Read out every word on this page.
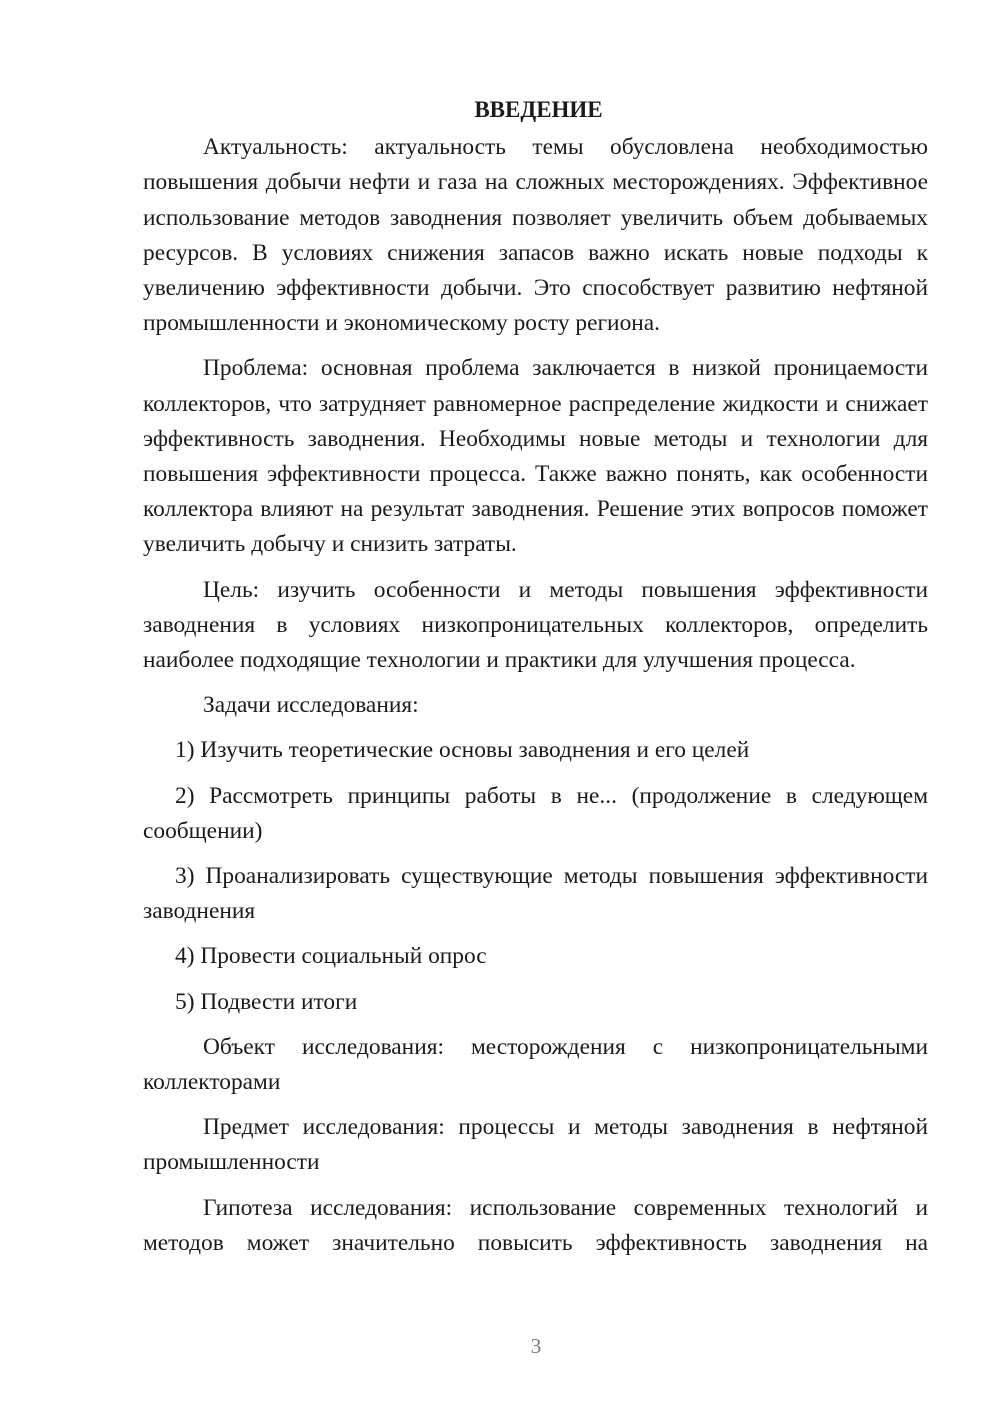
ВВЕДЕНИЕ

Актуальность: актуальность темы обусловлена необходимостью повышения добычи нефти и газа на сложных месторождениях. Эффективное использование методов заводнения позволяет увеличить объем добываемых ресурсов. В условиях снижения запасов важно искать новые подходы к увеличению эффективности добычи. Это способствует развитию нефтяной промышленности и экономическому росту региона.

Проблема: основная проблема заключается в низкой проницаемости коллекторов, что затрудняет равномерное распределение жидкости и снижает эффективность заводнения. Необходимы новые методы и технологии для повышения эффективности процесса. Также важно понять, как особенности коллектора влияют на результат заводнения. Решение этих вопросов поможет увеличить добычу и снизить затраты.

Цель: изучить особенности и методы повышения эффективности заводнения в условиях низкопроницательных коллекторов, определить наиболее подходящие технологии и практики для улучшения процесса.

Задачи исследования:

1) Изучить теоретические основы заводнения и его целей

2) Рассмотреть принципы работы в не... (продолжение в следующем сообщении)

3) Проанализировать существующие методы повышения эффективности заводнения

4) Провести социальный опрос

5) Подвести итоги

Объект исследования: месторождения с низкопроницательными коллекторами

Предмет исследования: процессы и методы заводнения в нефтяной промышленности

Гипотеза исследования: использование современных технологий и методов может значительно повысить эффективность заводнения на

3
